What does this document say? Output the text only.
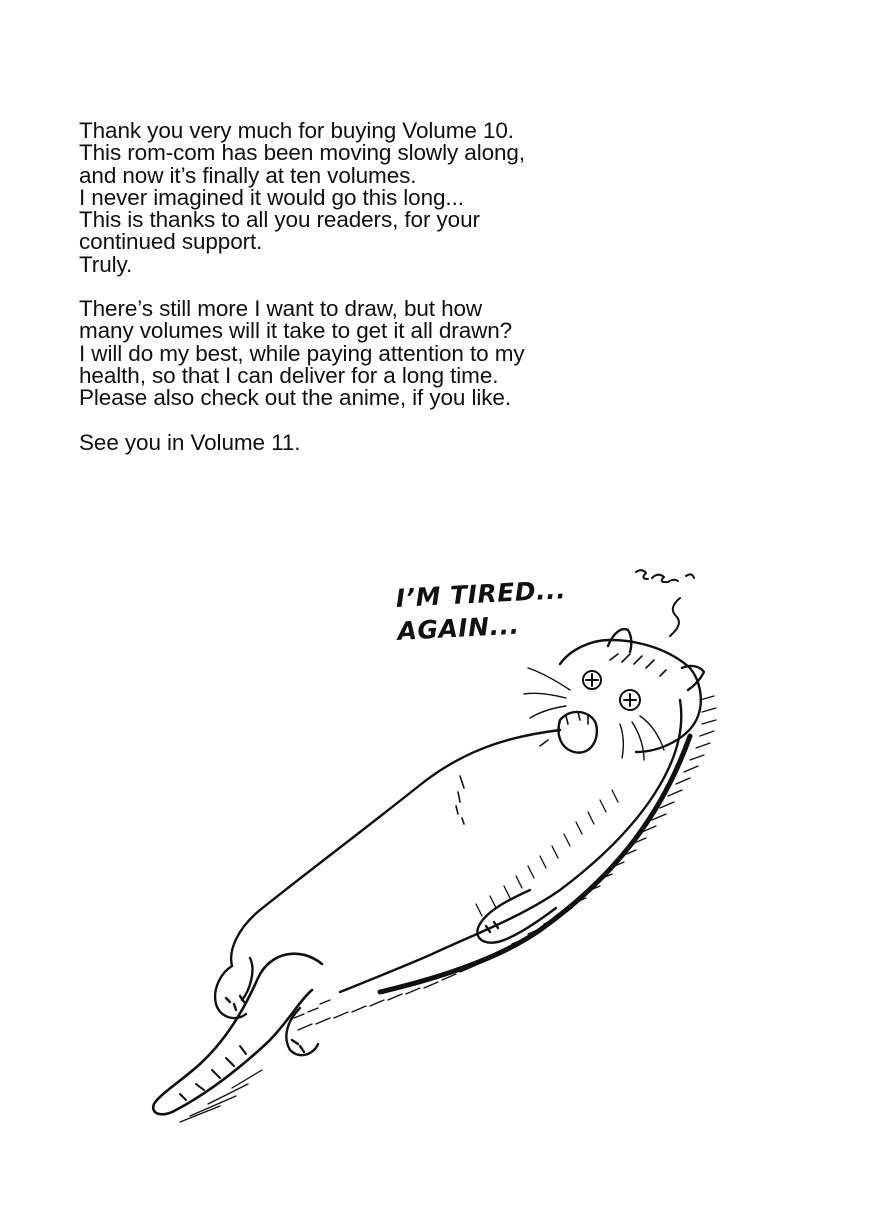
Thank you very much for buying Volume 10.
This rom-com has been moving slowly along,
and now it’s finally at ten volumes.
I never imagined it would go this long...
This is thanks to all you readers, for your
continued support.
Truly.

There’s still more I want to draw, but how
many volumes will it take to get it all drawn?
I will do my best, while paying attention to my
health, so that I can deliver for a long time.
Please also check out the anime, if you like.

See you in Volume 11.

I’M TIRED...
AGAIN...
